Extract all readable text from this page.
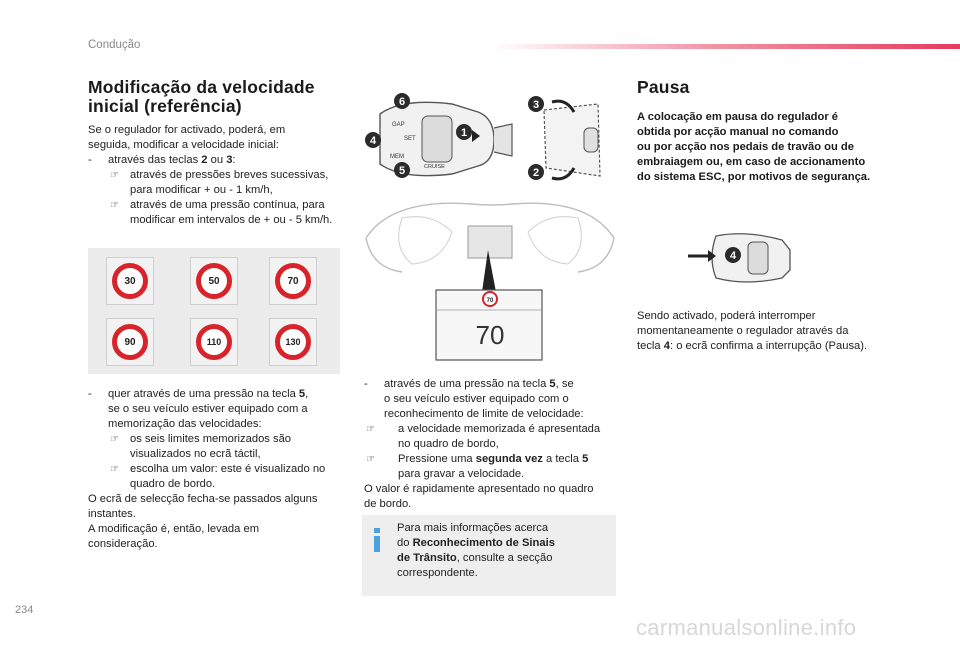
Condução
Modificação da velocidade
inicial (referência)
Se o regulador for activado, poderá, em
seguida, modificar a velocidade inicial:
- através das teclas 2 ou 3:
☞ através de pressões breves sucessivas,
para modificar + ou - 1 km/h,
☞ através de uma pressão contínua, para
modificar em intervalos de + ou - 5 km/h.
30	50	70
90	110	130
- quer através de uma pressão na tecla 5,
se o seu veículo estiver equipado com a
memorização das velocidades:
☞ os seis limites memorizados são
visualizados no ecrã táctil,
☞ escolha um valor: este é visualizado no
quadro de bordo.
O ecrã de selecção fecha-se passados alguns
instantes.
A modificação é, então, levada em
consideração.
GAP
SET
MEM
CRUISE
6
4
5
1
3
2
70
70
- através de uma pressão na tecla 5, se
o seu veículo estiver equipado com o
reconhecimento de limite de velocidade:
☞	a velocidade memorizada é apresentada
no quadro de bordo,
☞	Pressione uma segunda vez a tecla 5
para gravar a velocidade.
O valor é rapidamente apresentado no quadro
de bordo.
Para mais informações acerca
do Reconhecimento de Sinais
de Trânsito, consulte a secção
correspondente.
Pausa
A colocação em pausa do regulador é
obtida por acção manual no comando
ou por acção nos pedais de travão ou de
embraiagem ou, em caso de accionamento
do sistema ESC, por motivos de segurança.
4
Sendo activado, poderá interromper
momentaneamente o regulador através da
tecla 4: o ecrã confirma a interrupção (Pausa).
234
carmanualsonline.info
